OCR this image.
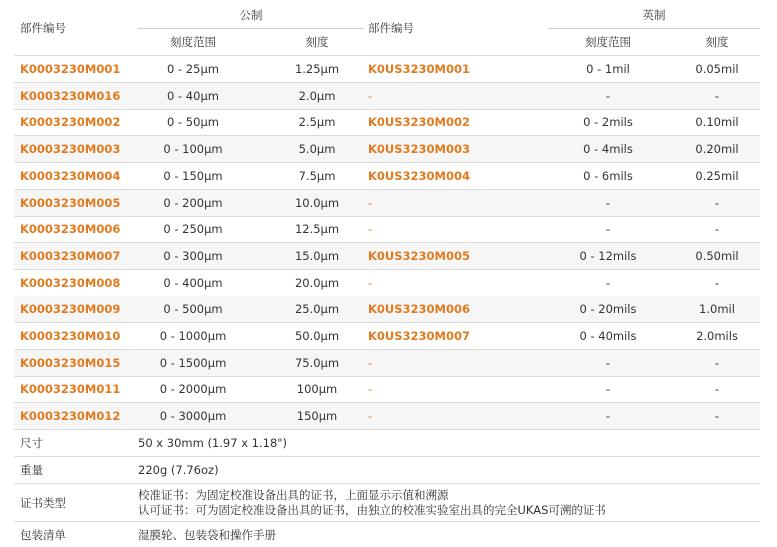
部件编号
公制
刻度范围	刻度
部件编号
英制
刻度范围	刻度
K0003230M001	0 - 25µm	1.25µm	K0US3230M001	0 - 1mil	0.05mil
K0003230M016	0 - 40µm	2.0µm	-	-	-
K0003230M002	0 - 50µm	2.5µm	K0US3230M002	0 - 2mils	0.10mil
K0003230M003	0 - 100µm	5.0µm	K0US3230M003	0 - 4mils	0.20mil
K0003230M004	0 - 150µm	7.5µm	K0US3230M004	0 - 6mils	0.25mil
K0003230M005	0 - 200µm	10.0µm	-	-	-
K0003230M006	0 - 250µm	12.5µm	-	-	-
K0003230M007	0 - 300µm	15.0µm	K0US3230M005	0 - 12mils	0.50mil
K0003230M008	0 - 400µm	20.0µm	-	-	-
K0003230M009	0 - 500µm	25.0µm	K0US3230M006	0 - 20mils	1.0mil
K0003230M010	0 - 1000µm	50.0µm	K0US3230M007	0 - 40mils	2.0mils
K0003230M015	0 - 1500µm	75.0µm	-	-	-
K0003230M011	0 - 2000µm	100µm	-	-	-
K0003230M012	0 - 3000µm	150µm	-	-	-
尺寸	50 x 30mm (1.97 x 1.18")
重量	220g (7.76oz)
证书类型
校准证书：为固定校准设备出具的证书，上面显示示值和溯源
认可证书：可为固定校准设备出具的证书，由独立的校准实验室出具的完全UKAS可溯的证书
包装清单	湿膜轮、包装袋和操作手册
